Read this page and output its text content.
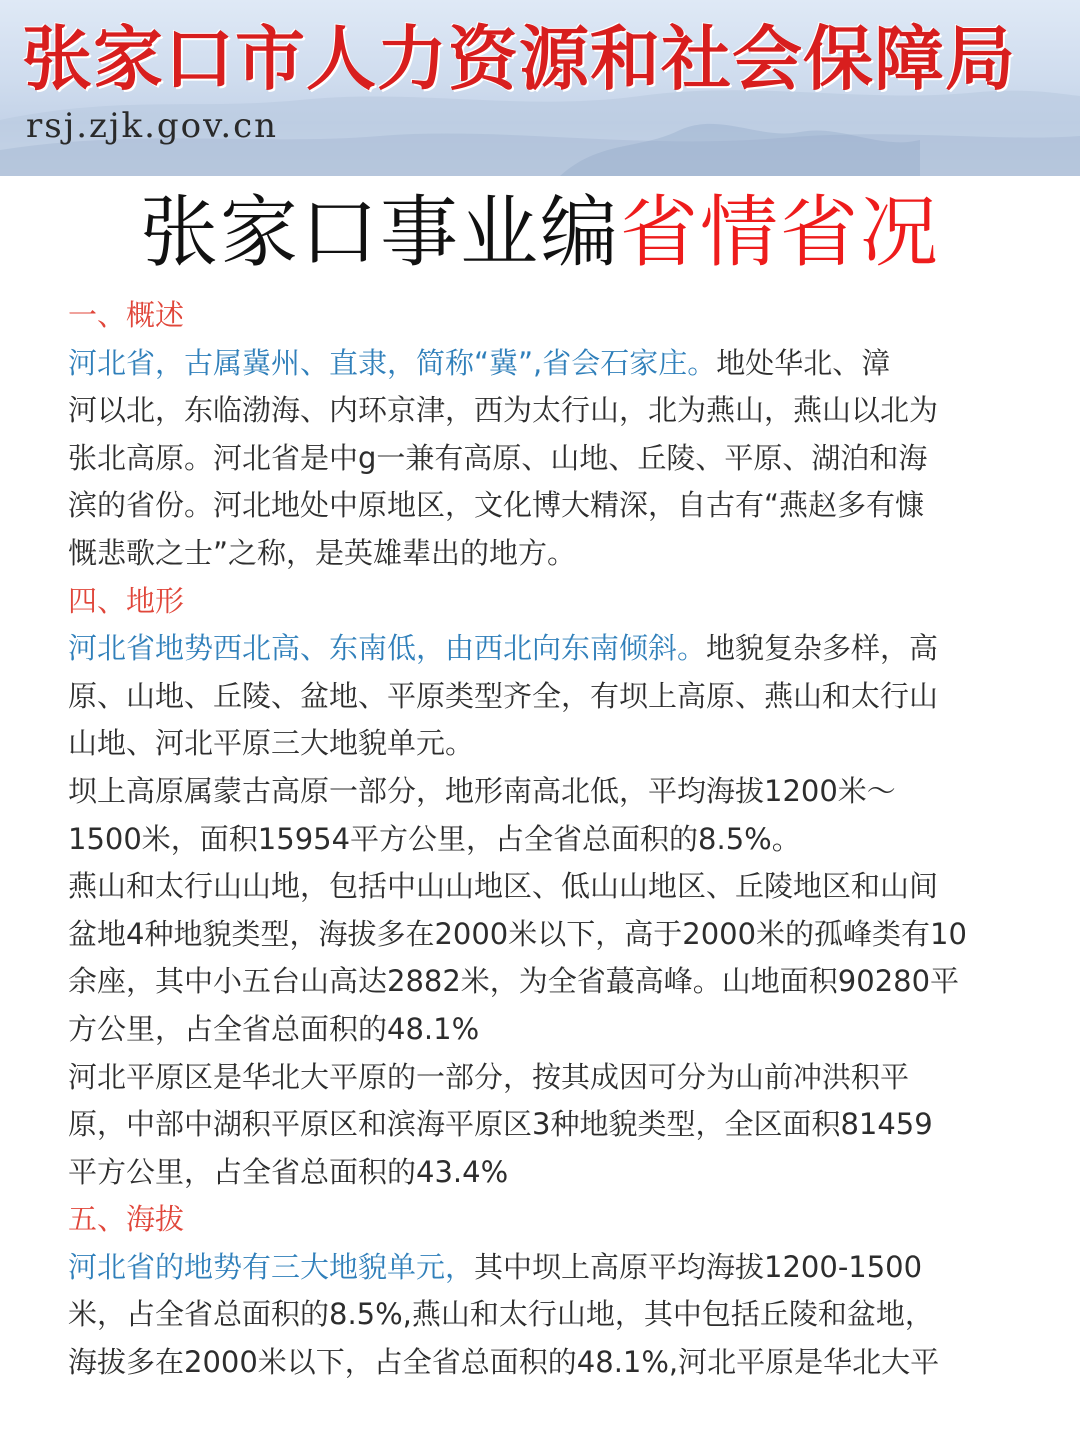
张家口市人力资源和社会保障局
rsj.zjk.gov.cn
张家口事业编省情省况

一、概述

河北省，古属冀州、直隶，简称“冀”,省会石家庄。地处华北、漳

河以北，东临渤海、内环京津，西为太行山，北为燕山，燕山以北为

张北高原。河北省是中g一兼有高原、山地、丘陵、平原、湖泊和海

滨的省份。河北地处中原地区，文化博大精深，自古有“燕赵多有慷

慨悲歌之士”之称，是英雄辈出的地方。

四、地形

河北省地势西北高、东南低，由西北向东南倾斜。地貌复杂多样，高

原、山地、丘陵、盆地、平原类型齐全，有坝上高原、燕山和太行山

山地、河北平原三大地貌单元。

坝上高原属蒙古高原一部分，地形南高北低，平均海拔1200米～

1500米，面积15954平方公里，占全省总面积的8.5%。

燕山和太行山山地，包括中山山地区、低山山地区、丘陵地区和山间

盆地4种地貌类型，海拔多在2000米以下，高于2000米的孤峰类有10

余座，其中小五台山高达2882米，为全省蕞高峰。山地面积90280平

方公里，占全省总面积的48.1%

河北平原区是华北大平原的一部分，按其成因可分为山前冲洪积平

原，中部中湖积平原区和滨海平原区3种地貌类型，全区面积81459

平方公里，占全省总面积的43.4%

五、海拔

河北省的地势有三大地貌单元，其中坝上高原平均海拔1200-1500

米，占全省总面积的8.5%,燕山和太行山地，其中包括丘陵和盆地，

海拔多在2000米以下，占全省总面积的48.1%,河北平原是华北大平
